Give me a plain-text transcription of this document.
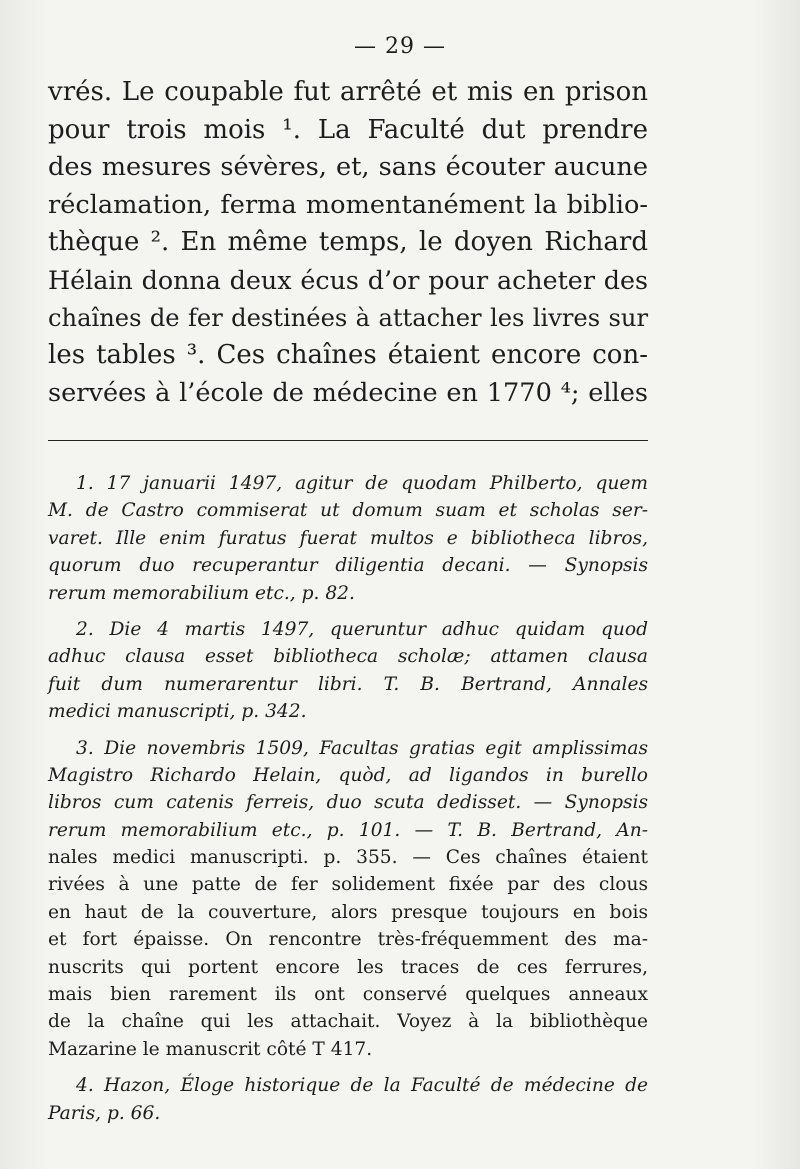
— 29 —
vrés. Le coupable fut arrêté et mis en prison
pour trois mois ¹. La Faculté dut prendre
des mesures sévères, et, sans écouter aucune
réclamation, ferma momentanément la biblio-
thèque ². En même temps, le doyen Richard
Hélain donna deux écus d’or pour acheter des
chaînes de fer destinées à attacher les livres sur
les tables ³. Ces chaînes étaient encore con-
servées à l’école de médecine en 1770 ⁴; elles
1. 17 januarii 1497, agitur de quodam Philberto, quem
M. de Castro commiserat ut domum suam et scholas ser-
varet. Ille enim furatus fuerat multos e bibliotheca libros,
quorum duo recuperantur diligentia decani. — Synopsis
rerum memorabilium etc., p. 82.
2. Die 4 martis 1497, queruntur adhuc quidam quod
adhuc clausa esset bibliotheca scholæ; attamen clausa
fuit dum numerarentur libri. T. B. Bertrand, Annales
medici manuscripti, p. 342.
3. Die novembris 1509, Facultas gratias egit amplissimas
Magistro Richardo Helain, quòd, ad ligandos in burello
libros cum catenis ferreis, duo scuta dedisset. — Synopsis
rerum memorabilium etc., p. 101. — T. B. Bertrand, An-
nales medici manuscripti. p. 355. — Ces chaînes étaient
rivées à une patte de fer solidement fixée par des clous
en haut de la couverture, alors presque toujours en bois
et fort épaisse. On rencontre très-fréquemment des ma-
nuscrits qui portent encore les traces de ces ferrures,
mais bien rarement ils ont conservé quelques anneaux
de la chaîne qui les attachait. Voyez à la bibliothèque
Mazarine le manuscrit côté T 417.
4. Hazon, Éloge historique de la Faculté de médecine de
Paris, p. 66.
